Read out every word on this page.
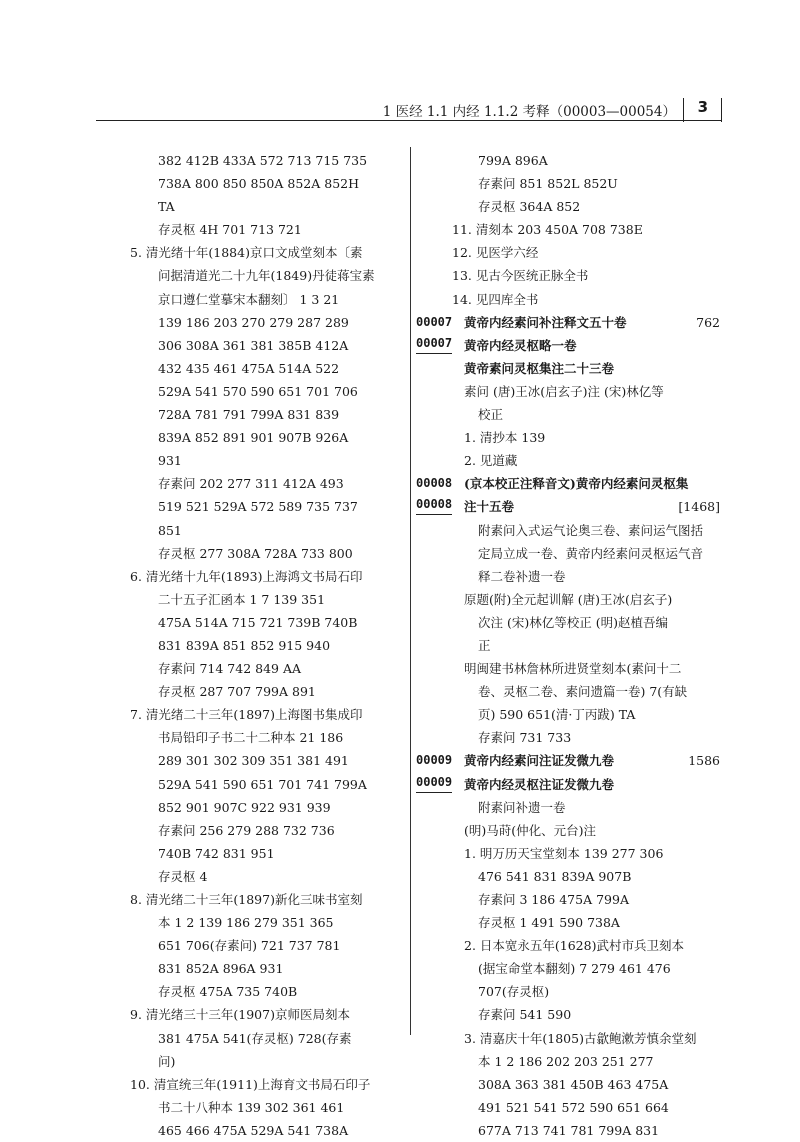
1 医经 1.1 内经 1.1.2 考释（00003—00054） 3
382 412B 433A 572 713 715 735
738A 800 850 850A 852A 852H
TA
存灵枢 4H 701 713 721
5. 清光绪十年(1884)京口文成堂刻本〔素
问据清道光二十九年(1849)丹徒蒋宝素
京口遵仁堂摹宋本翻刻〕 1 3 21
139 186 203 270 279 287 289
306 308A 361 381 385B 412A
432 435 461 475A 514A 522
529A 541 570 590 651 701 706
728A 781 791 799A 831 839
839A 852 891 901 907B 926A
931
存素问 202 277 311 412A 493
519 521 529A 572 589 735 737
851
存灵枢 277 308A 728A 733 800
6. 清光绪十九年(1893)上海鸿文书局石印
二十五子汇函本 1 7 139 351
475A 514A 715 721 739B 740B
831 839A 851 852 915 940
存素问 714 742 849 AA
存灵枢 287 707 799A 891
7. 清光绪二十三年(1897)上海图书集成印
书局铅印子书二十二种本 21 186
289 301 302 309 351 381 491
529A 541 590 651 701 741 799A
852 901 907C 922 931 939
存素问 256 279 288 732 736
740B 742 831 951
存灵枢 4
8. 清光绪二十三年(1897)新化三味书室刻
本 1 2 139 186 279 351 365
651 706(存素问) 721 737 781
831 852A 896A 931
存灵枢 475A 735 740B
9. 清光绪三十三年(1907)京师医局刻本
381 475A 541(存灵枢) 728(存素
问)
10. 清宣统三年(1911)上海育文书局石印子
书二十八种本 139 302 361 461
465 466 475A 529A 541 738A
799A 896A
存素问 851 852L 852U
存灵枢 364A 852
11. 清刻本 203 450A 708 738E
12. 见医学六经
13. 见古今医统正脉全书
14. 见四库全书
00007 黄帝内经素问补注释文五十卷	762
00007 黄帝内经灵枢略一卷
黄帝素问灵枢集注二十三卷
素问 (唐)王冰(启玄子)注 (宋)林亿等
校正
1. 清抄本 139
2. 见道藏
00008 (京本校正注释音文)黄帝内经素问灵枢集
00008 注十五卷	[1468]
附素问入式运气论奥三卷、素问运气图括
定局立成一卷、黄帝内经素问灵枢运气音
释二卷补遗一卷
原题(附)全元起训解 (唐)王冰(启玄子)
次注 (宋)林亿等校正 (明)赵植吾编
正
明闽建书林詹林所进贤堂刻本(素问十二
卷、灵枢二卷、素问遗篇一卷) 7(有缺
页) 590 651(清·丁丙跋) TA
存素问 731 733
00009 黄帝内经素问注证发微九卷	1586
00009 黄帝内经灵枢注证发微九卷
附素问补遗一卷
(明)马莳(仲化、元台)注
1. 明万历天宝堂刻本 139 277 306
476 541 831 839A 907B
存素问 3 186 475A 799A
存灵枢 1 491 590 738A
2. 日本宽永五年(1628)武村市兵卫刻本
(据宝命堂本翻刻) 7 279 461 476
707(存灵枢)
存素问 541 590
3. 清嘉庆十年(1805)古歙鲍漱芳慎余堂刻
本 1 2 186 202 203 251 277
308A 363 381 450B 463 475A
491 521 541 572 590 651 664
677A 713 741 781 799A 831
